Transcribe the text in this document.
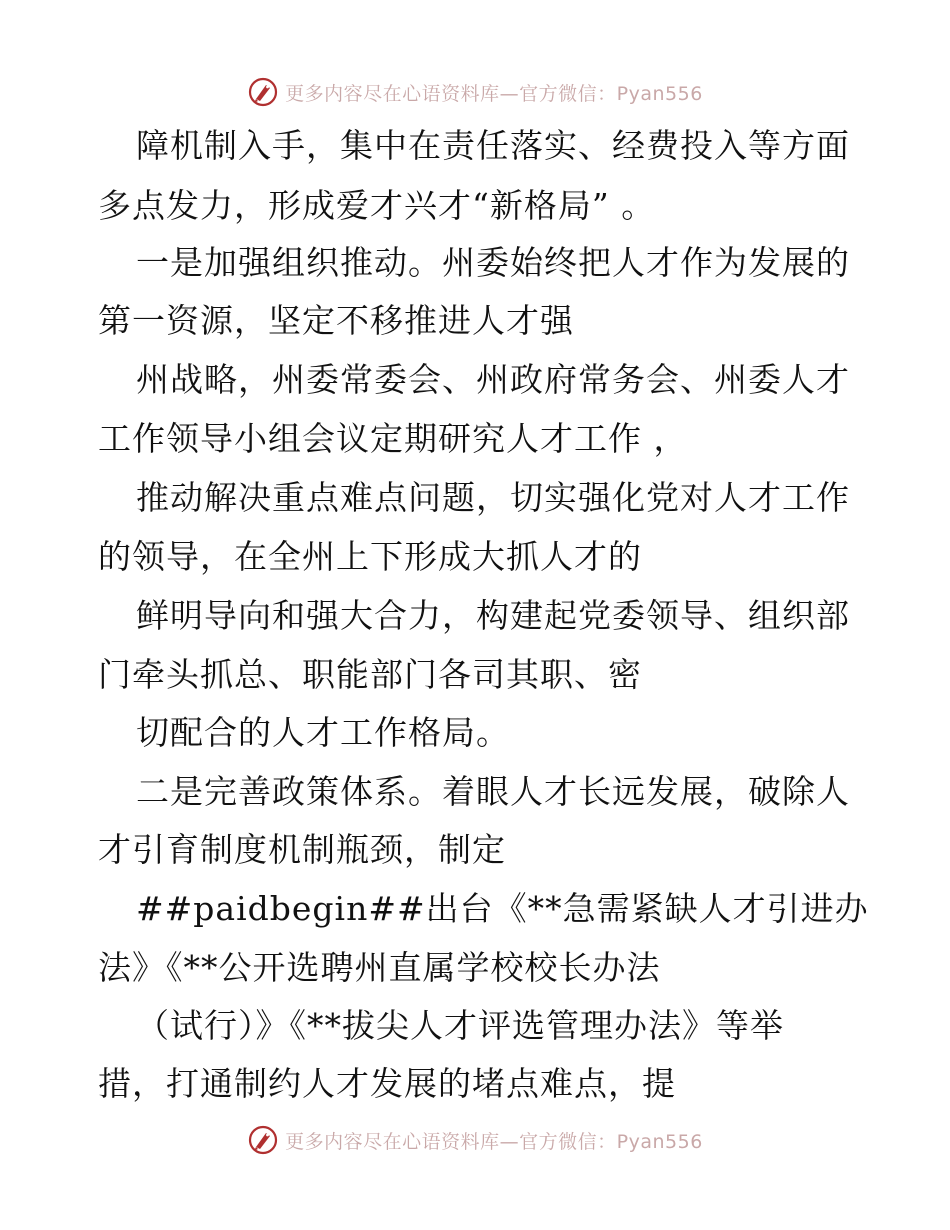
更多内容尽在心语资料库—官方微信：Pyan556
障机制入手，集中在责任落实、经费投入等方面
多点发力，形成爱才兴才“新格局” 。
一是加强组织推动。州委始终把人才作为发展的
第一资源，坚定不移推进人才强
州战略，州委常委会、州政府常务会、州委人才
工作领导小组会议定期研究人才工作 ，
推动解决重点难点问题，切实强化党对人才工作
的领导，在全州上下形成大抓人才的
鲜明导向和强大合力，构建起党委领导、组织部
门牵头抓总、职能部门各司其职、密
切配合的人才工作格局。
二是完善政策体系。着眼人才长远发展，破除人
才引育制度机制瓶颈，制定
##paidbegin##出台《**急需紧缺人才引进办
法》《**公开选聘州直属学校校长办法
（试行）》《**拔尖人才评选管理办法》等举
措，打通制约人才发展的堵点难点，提
更多内容尽在心语资料库—官方微信：Pyan556
